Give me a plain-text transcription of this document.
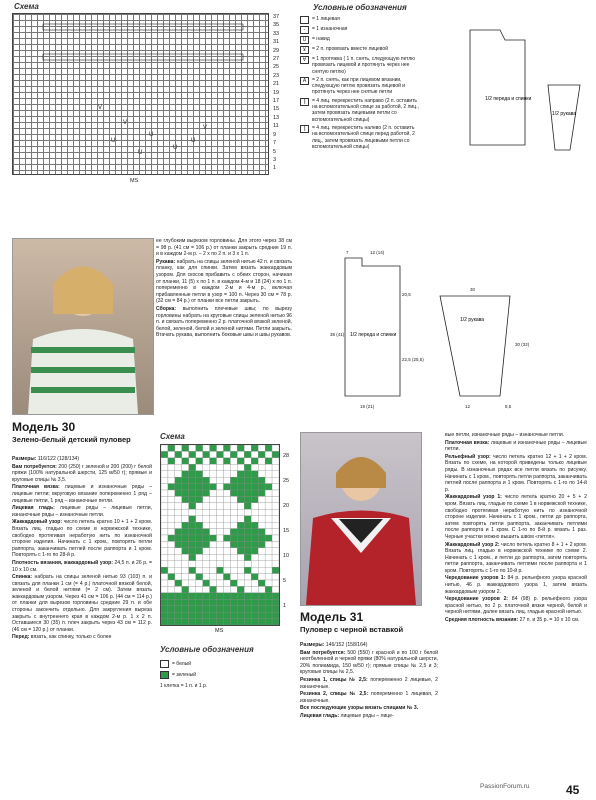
Схема
V
V
U
U
-
V
U
U
U
37
35
33
31
29
27
25
23
21
19
17
15
13
11
9
7
5
3
1
MS
Условные обозначения
= 1 лицевая
-	= 1 изнаночная
U	= накид
⊻	= 2 п. провязать вместе лицевой
∀	= 1 протяжка ( 1 п. снять, следующую петлю провязать лицевой и протянуть через нее снятую петлю)
A	= 2 п. снять, как при лицевом вязании, следующую петлю провязать лицевой и протянуть через нее снятые петли
⫿	= 4 лиц. перекрестить направо (2 п. оставить на вспомогательной спице за работой, 2 лиц., затем провязать лицевыми петли со вспомогательной спицы)
⫿	= 4 лиц. перекрестить налево (2 п. оставить на вспомогательной спице перед работой, 2 лиц., затем провязать лицевыми петли со вспомогательной спицы)
1/2 переда и спинки
1/2 рукава
ее глубоким вырезом горловины. Для этого через 38 см = 98 р. (41 см = 106 р.) от планки закрыть средние 19 п. и в каждом 2-м р. – 2 х по 2 п. и 3 х 1 п.
Рукава: набрать на спицы зеленой нитью 42 п. и связать планку, как для спинки. Затем вязать жаккардовым узором. Для скосов прибавить с обеих сторон, начиная от планки, 11 (5) х по 1 п. в каждом 4-м и 18 (24) х по 1 п. попеременно в каждом 2-м и 4-м р., включая прибавленные петли в узор = 100 п. Через 30 см = 78 р. (32 см = 84 р.) от планки все петли закрыть.
Сборка: выполнить плечевые швы; по вырезу горловины набрать на круговые спицы зеленой нитью 96 п. и связать попеременно 2 р. платочной вязкой зеленой, белой, зеленой, белой и зеленой нитями. Петли закрыть. Втачать рукава, выполнить боковые швы и швы рукавов.
Модель 30
Зелено-белый детский пуловер
Размеры: 116/122 (128/134)
Вам потребуется: 200 (250) г зеленой и 200 (200) г белой пряжи (100% натуральной шерсти, 125 м/50 г); прямые и круговые спицы № 3,5.
Платочная вязка: лицевые и изнаночные ряды – лицевые петли; вкруговую вязание попеременно 1 ряд – лицевые петли, 1 ряд – изнаночные петли.
Лицевая гладь: лицевые ряды – лицевые петли, изнаночные ряды – изнаночные петли.
Жаккардовый узор: число петель кратно 10 + 1 + 2 кром. Вязать лиц. гладью по схеме в норвежской технике, свободно протягивая неработую нить по изнаночной стороне изделия. Начинать с 1 кром., повторять петли раппорта, заканчивать петлей после раппорта и 1 кром. Повторять с 1-го по 28-й р.
Плотность вязания, жаккардовый узор: 24,5 п. и 26 р. = 10 х 10 см.
Спинка: набрать на спицы зеленой нитью 93 (103) п. и связать для планки 1 см (= 4 р.) платочной вязкой белой, зеленой и белой нитями (= 2 см). Затем вязать жаккардовым узором. Через 41 см = 106 р. (44 см = 114 р.) от планки для вырезов горловины средние 29 п. и обе стороны закончить отдельно. Для закругления выреза закрыть с внутреннего края в каждом 2-м р. 1 х 2 п. Оставшиеся 30 (35) п. плеч закрыть через 43 см = 112 р. (46 см = 120 р.) от планки.
Перед: вязать, как спинку, только с более
1/2 переда и спинки
1/2 рукава
7	12 (14)
20,5
38 (41)
22,5 (25,5)
19 (21)
30
30 (32)
12	8,5
Схема
28
25
20
15
10
5
1
MS
Условные обозначения
= белый
= зеленый
1 клетка = 1 п. и 1 р.
Модель 31
Пуловер с черной вставкой
Размеры: 146/152 (158/164)
Вам потребуется: 500 (550) г красной и по 100 г белой неотбеленной и черной пряжи (80% натуральной шерсти, 20% полиамида, 150 м/50 г); прямые спицы № 2,5 и 3; круговые спицы № 2,5.
Резинка 1, спицы № 2,5: попеременно 2 лицевые, 2 изнаночные.
Резинка 2, спицы № 2,5: попеременно 1 лицевая, 2 изнаночные.
Все последующие узоры вязать спицами № 3.
Лицевая гладь: лицевые ряды – лице-
вые петли, изнаночные ряды – изнаночные петли.
Платочная вязка: лицевые и изнаночные ряды – лицевые петли.
Рельефный узор: число петель кратно 12 + 1 + 2 кром. Вязать по схеме, на которой приведены только лицевые ряды. В изнаночных рядах все петли вязать по рисунку. Начинать с 1 кром., повторять петли раппорта, заканчивать петлей после раппорта и 1 кром. Повторять с 1-го по 14-й р.
Жаккардовый узор 1: число петель кратно 20 + 5 + 2 кром. Вязать лиц. гладью по схеме 1 в норвежской технике, свободно протягивая неработую нить по изнаночной стороне изделия. Начинать с 1 кром., петли до раппорта, затем повторять петли раппорта, заканчивать петлями после раппорта и 1 кром. С 1-го по 8-й р. вязать 1 раз. Черные участки можно вышить швом «петля».
Жаккардовый узор 2: число петель кратно 8 + 1 + 2 кром. Вязать лиц. гладью в норвежской технике по схеме 2. Начинать с 1 кром., и петли до раппорта, затем повторять петли раппорта, заканчивать петлями после раппорта и 1 кром. Повторять с 1-го по 10-й р.
Чередование узоров 1: 84 р. рельефного узора красной нитью, 46 р. жаккардового узора 1, затем вязать жаккардовым узором 2.
Чередование узоров 2: 84 (98) р. рельефного узора красной нитью, по 2 р. платочной вязки черной, белой и черной нитями, далее вязать лиц. гладью красной нитью.
Средняя плотность вязания: 27 п. и 35 р. = 10 х 10 см.
PassionForum.ru	45
